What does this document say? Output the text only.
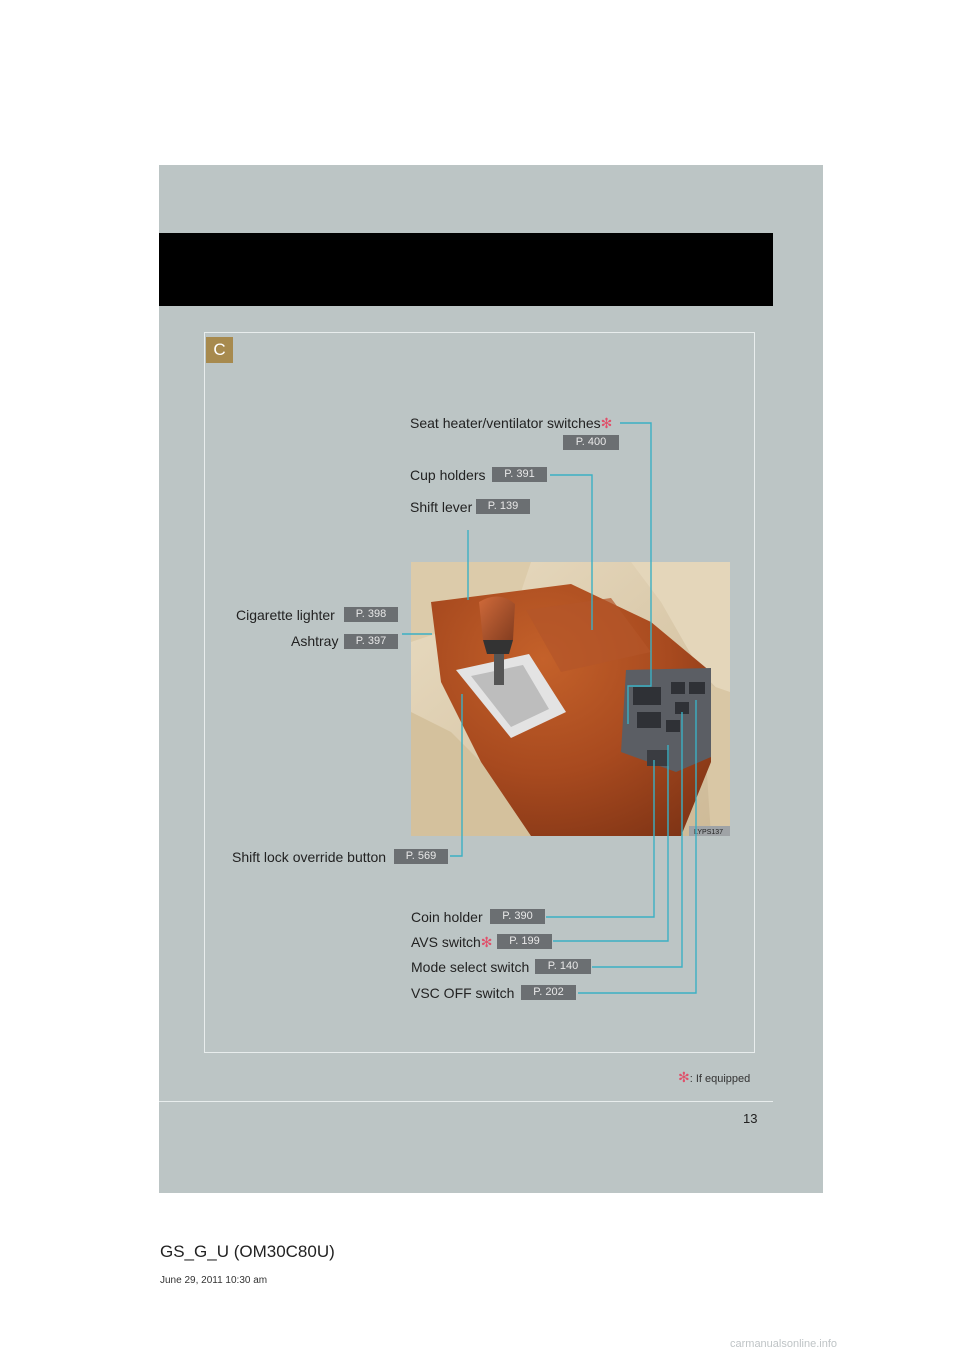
C
LYPS137
Seat heater/ventilator switches✻
P. 400
Cup holders	P. 391
Shift lever	P. 139
Cigarette lighter	P. 398
Ashtray	P. 397
Shift lock override button	P. 569
Coin holder	P. 390
AVS switch✻	P. 199
Mode select switch	P. 140
VSC OFF switch	P. 202
✻: If equipped
13
GS_G_U (OM30C80U)
June 29, 2011 10:30 am
carmanualsonline.info
